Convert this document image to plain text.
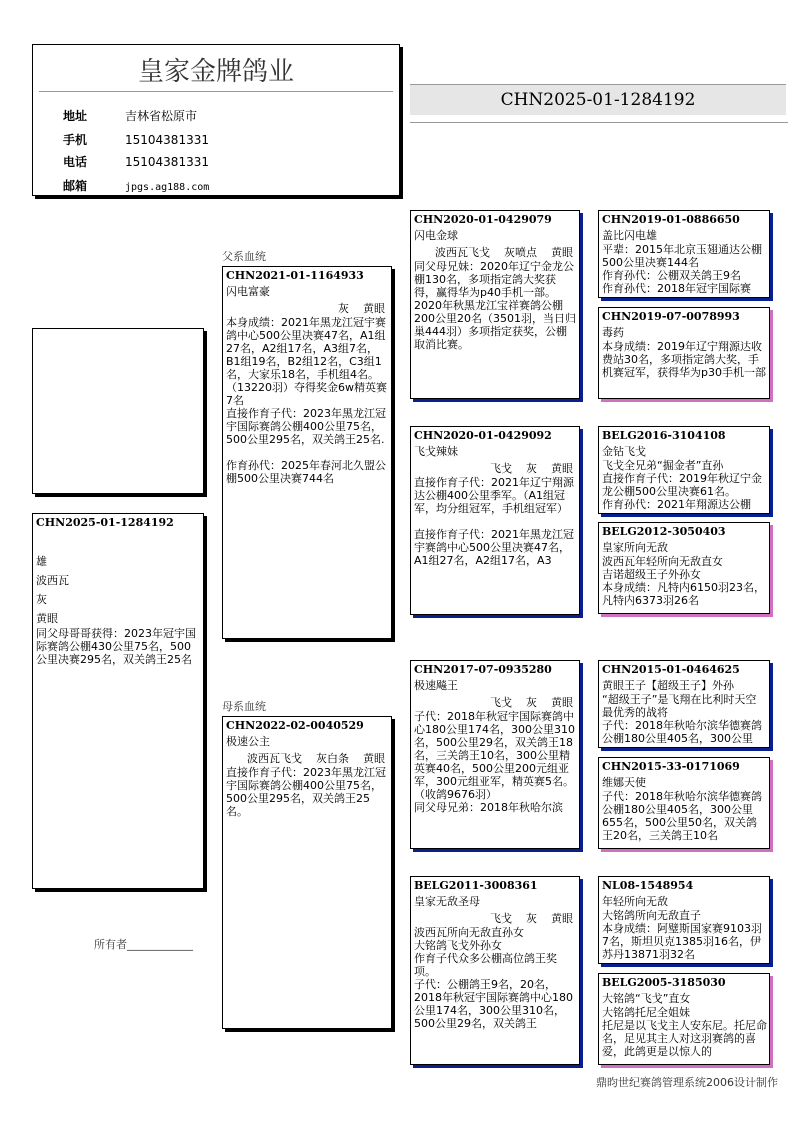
皇家金牌鸽业
地址	吉林省松原市
手机	15104381331
电话	15104381331
邮箱	jpgs.ag188.com
CHN2025-01-1284192
CHN2025-01-1284192
雄
波西瓦
灰
黄眼
同父母哥哥获得：2023年冠宇国际赛鸽公棚430公里75名，500公里决赛295名，双关鸽王25名
父系血统
母系血统
所有者____________
CHN2021-01-1164933
闪电富豪
灰 黄眼
本身成绩：2021年黑龙江冠宇赛鸽中心500公里决赛47名，A1组27名，A2组17名，A3组7名，B1组19名，B2组12名，C3组1名，大家乐18名，手机组4名。（13220羽）夺得奖金6w精英赛7名
直接作育子代：2023年黑龙江冠宇国际赛鸽公棚400公里75名，500公里295名，双关鸽王25名.

作育孙代：2025年春河北久盟公棚500公里决赛744名
CHN2022-02-0040529
极速公主
波西瓦飞戈 灰白条 黄眼
直接作育子代：2023年黑龙江冠宇国际赛鸽公棚400公里75名，500公里295名，双关鸽王25名。
CHN2020-01-0429079
闪电金球
波西瓦飞戈 灰喷点 黄眼
同父母兄妹：2020年辽宁金龙公棚130名，多项指定鸽大奖获得，赢得华为p40手机一部。
2020年秋黑龙江宝祥赛鸽公棚200公里20名（3501羽，当日归巢444羽）多项指定获奖，公棚取消比赛。
CHN2020-01-0429092
飞戈辣妹
飞戈 灰 黄眼
直接作育子代：2021年辽宁翔源达公棚400公里季军。（A1组冠军，均分组冠军，手机组冠军）

直接作育子代：2021年黑龙江冠宇赛鸽中心500公里决赛47名，A1组27名，A2组17名，A3
CHN2017-07-0935280
极速飚王
飞戈 灰 黄眼
子代：2018年秋冠宇国际赛鸽中心180公里174名，300公里310名，500公里29名，双关鸽王18名，三关鸽王10名，300公里精英赛40名，500公里200元组亚军，300元组亚军，精英赛5名。（收鸽9676羽）
同父母兄弟：2018年秋哈尔滨
BELG2011-3008361
皇家无敌圣母
飞戈 灰 黄眼
波西瓦所向无敌直孙女
大铭鸽飞戈外孙女
作育子代众多公棚高位鸽王奖项。
子代：公棚鸽王9名，20名，2018年秋冠宇国际赛鸽中心180公里174名，300公里310名，500公里29名，双关鸽王
CHN2019-01-0886650
盖比闪电雄
平辈：2015年北京玉翅通达公棚500公里决赛144名
作育孙代：公棚双关鸽王9名
作育孙代：2018年冠宇国际赛
CHN2019-07-0078993
毒药
本身成绩：2019年辽宁翔源达收费站30名，多项指定鸽大奖，手机赛冠军，获得华为p30手机一部
BELG2016-3104108
金钻飞戈
飞戈全兄弟“掘金者”直孙
直接作育子代：2019年秋辽宁金龙公棚500公里决赛61名。
作育孙代：2021年翔源达公棚
BELG2012-3050403
皇家所向无敌
波西瓦年轻所向无敌直女
吉诺超级王子外孙女
本身成绩：凡特内6150羽23名，凡特内6373羽26名
CHN2015-01-0464625
黄眼王子【超级王子】外孙
“超级王子”是飞翔在比利时天空最优秀的战将
子代：2018年秋哈尔滨华德赛鸽公棚180公里405名，300公里
CHN2015-33-0171069
维娜天使
子代：2018年秋哈尔滨华德赛鸽公棚180公里405名，300公里655名，500公里50名，双关鸽王20名，三关鸽王10名
NL08-1548954
年轻所向无敌
大铭鸽所向无敌直子
本身成绩：阿璧斯国家赛9103羽7名，斯坦贝克1385羽16名，伊苏丹13871羽32名
BELG2005-3185030
大铭鸽“飞戈”直女
大铭鸽托尼全姐妹
托尼是以飞戈主人安东尼。托尼命名，足见其主人对这羽赛鸽的喜爱，此鸽更是以惊人的
鼎昀世纪赛鸽管理系统2006设计制作
